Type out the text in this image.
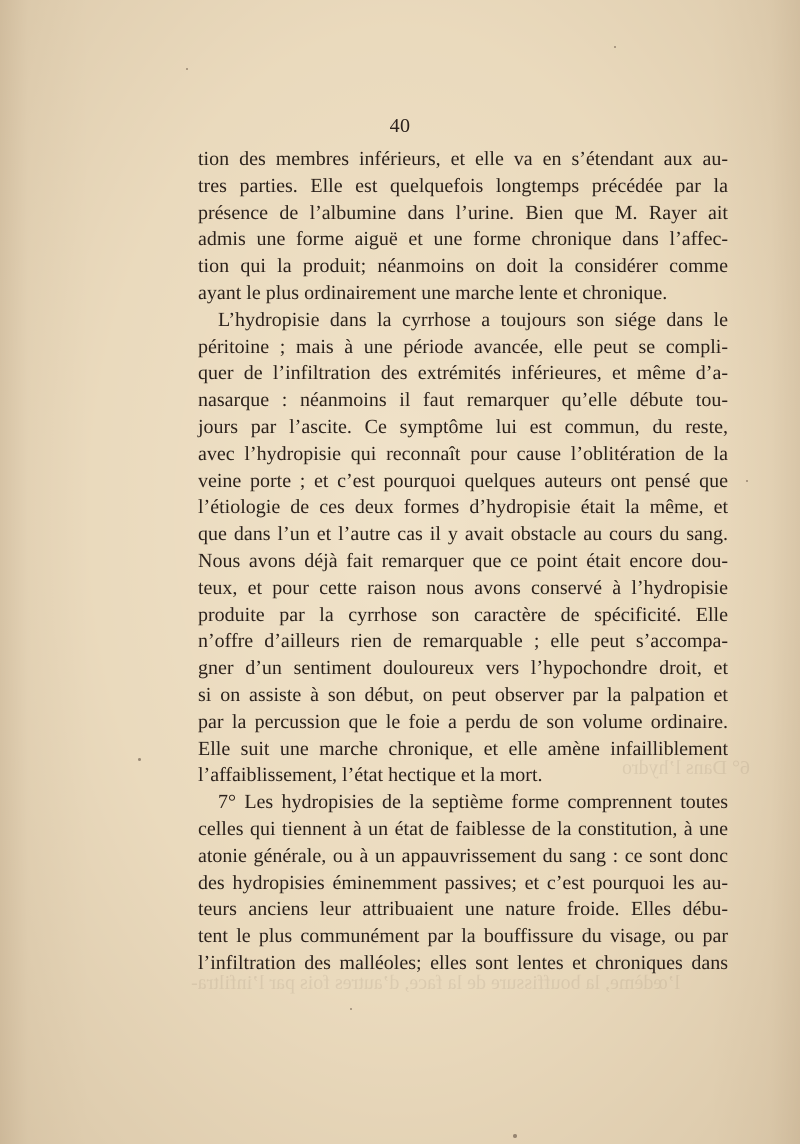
6° Dans l’hydro
l’œdème, la bouffissure de la face, d’autres fois par l’infiltra-
40
tion des membres inférieurs, et elle va en s’étendant aux au-
tres parties. Elle est quelquefois longtemps précédée par la
présence de l’albumine dans l’urine. Bien que M. Rayer ait
admis une forme aiguë et une forme chronique dans l’affec-
tion qui la produit; néanmoins on doit la considérer comme
ayant le plus ordinairement une marche lente et chronique.
L’hydropisie dans la cyrrhose a toujours son siége dans le
péritoine ; mais à une période avancée, elle peut se compli-
quer de l’infiltration des extrémités inférieures, et même d’a-
nasarque : néanmoins il faut remarquer qu’elle débute tou-
jours par l’ascite. Ce symptôme lui est commun, du reste,
avec l’hydropisie qui reconnaît pour cause l’oblitération de la
veine porte ; et c’est pourquoi quelques auteurs ont pensé que
l’étiologie de ces deux formes d’hydropisie était la même, et
que dans l’un et l’autre cas il y avait obstacle au cours du sang.
Nous avons déjà fait remarquer que ce point était encore dou-
teux, et pour cette raison nous avons conservé à l’hydropisie
produite par la cyrrhose son caractère de spécificité. Elle
n’offre d’ailleurs rien de remarquable ; elle peut s’accompa-
gner d’un sentiment douloureux vers l’hypochondre droit, et
si on assiste à son début, on peut observer par la palpation et
par la percussion que le foie a perdu de son volume ordinaire.
Elle suit une marche chronique, et elle amène infailliblement
l’affaiblissement, l’état hectique et la mort.
7° Les hydropisies de la septième forme comprennent toutes
celles qui tiennent à un état de faiblesse de la constitution, à une
atonie générale, ou à un appauvrissement du sang : ce sont donc
des hydropisies éminemment passives; et c’est pourquoi les au-
teurs anciens leur attribuaient une nature froide. Elles débu-
tent le plus communément par la bouffissure du visage, ou par
l’infiltration des malléoles; elles sont lentes et chroniques dans
